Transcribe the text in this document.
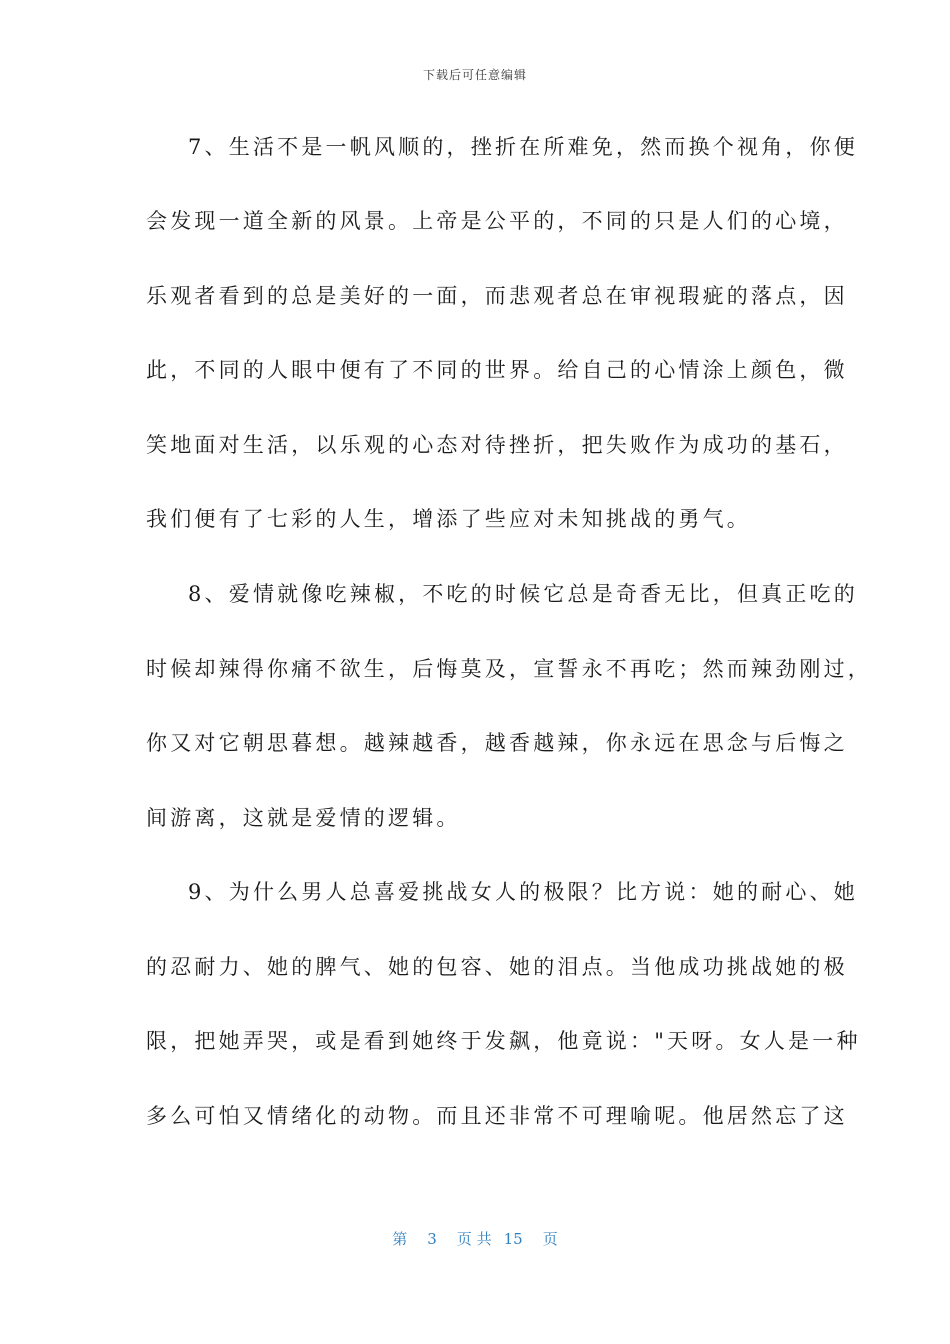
下载后可任意编辑
7、生活不是一帆风顺的，挫折在所难免，然而换个视角，你便
会发现一道全新的风景。上帝是公平的，不同的只是人们的心境，
乐观者看到的总是美好的一面，而悲观者总在审视瑕疵的落点，因
此，不同的人眼中便有了不同的世界。给自己的心情涂上颜色，微
笑地面对生活，以乐观的心态对待挫折，把失败作为成功的基石，
我们便有了七彩的人生，增添了些应对未知挑战的勇气。
8、爱情就像吃辣椒，不吃的时候它总是奇香无比，但真正吃的
时候却辣得你痛不欲生，后悔莫及，宣誓永不再吃；然而辣劲刚过，
你又对它朝思暮想。越辣越香，越香越辣，你永远在思念与后悔之
间游离，这就是爱情的逻辑。
9、为什么男人总喜爱挑战女人的极限？比方说：她的耐心、她
的忍耐力、她的脾气、她的包容、她的泪点。当他成功挑战她的极
限，把她弄哭，或是看到她终于发飙，他竟说："天呀。女人是一种
多么可怕又情绪化的动物。而且还非常不可理喻呢。他居然忘了这
第 3 页 共 15 页
